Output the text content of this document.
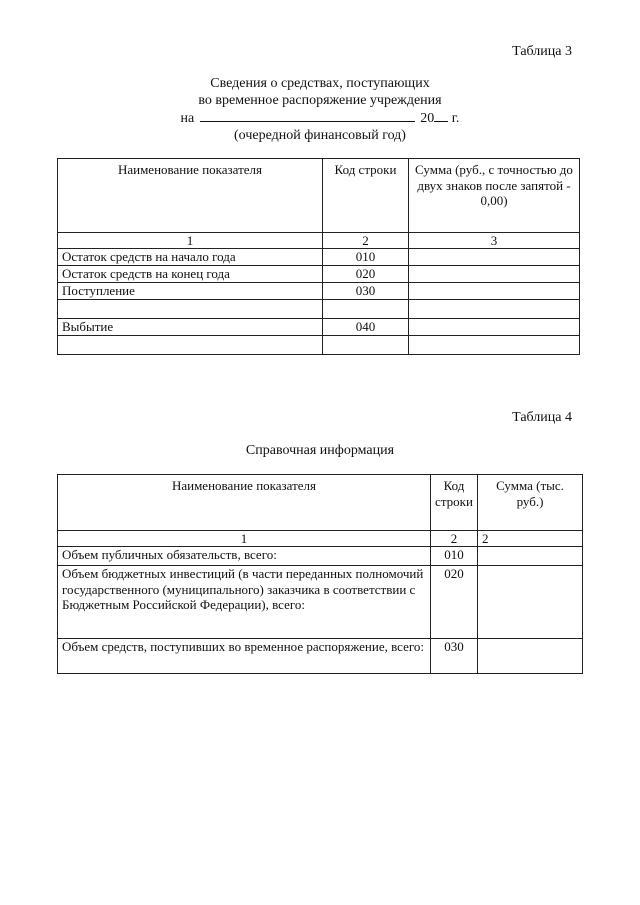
Таблица 3
Сведения о средствах, поступающих
во временное распоряжение учреждения
на	20 г.
(очередной финансовый год)
Наименование показателя	Код строки	Сумма (руб., с точностью до двух знаков после запятой - 0,00)
1	2	3
Остаток средств на начало года	010	
Остаток средств на конец года	020	
Поступление	030	

Выбытие	040	

Таблица 4
Справочная информация
Наименование показателя	Код строки	Сумма (тыс. руб.)
1	2	2
Объем публичных обязательств, всего:	010	
Объем бюджетных инвестиций (в части переданных полномочий государственного (муниципального) заказчика в соответствии с Бюджетным Российской Федерации), всего:	020	
Объем средств, поступивших во временное распоряжение, всего:	030	
